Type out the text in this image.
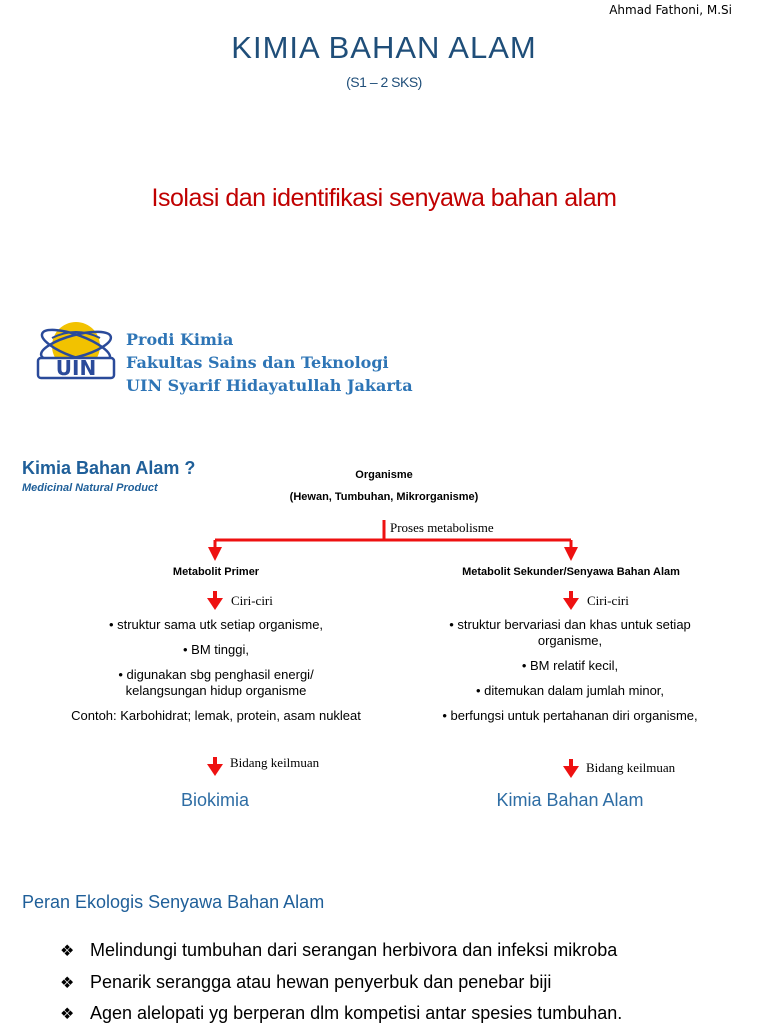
Ahmad Fathoni, M.Si
KIMIA BAHAN ALAM
(S1 – 2 SKS)
Isolasi dan identifikasi senyawa bahan alam
UIN
Prodi Kimia
Fakultas Sains dan Teknologi
UIN Syarif Hidayatullah Jakarta
Kimia Bahan Alam ?
Medicinal Natural Product
Organisme
(Hewan, Tumbuhan, Mikrorganisme)
Proses metabolisme
Metabolit Primer
Ciri-ciri
• struktur sama utk setiap organisme,
• BM tinggi,
• digunakan sbg penghasil energi/ kelangsungan hidup organisme
Contoh: Karbohidrat; lemak, protein, asam nukleat
Bidang keilmuan
Biokimia
Metabolit Sekunder/Senyawa Bahan Alam
Ciri-ciri
• struktur bervariasi dan khas untuk setiap organisme,
• BM relatif kecil,
• ditemukan dalam jumlah minor,
• berfungsi untuk pertahanan diri organisme,
Bidang keilmuan
Kimia Bahan Alam
Peran Ekologis Senyawa Bahan Alam
❖ Melindungi tumbuhan dari serangan herbivora dan infeksi mikroba
❖ Penarik serangga atau hewan penyerbuk dan penebar biji
❖ Agen alelopati yg berperan dlm kompetisi antar spesies tumbuhan.
